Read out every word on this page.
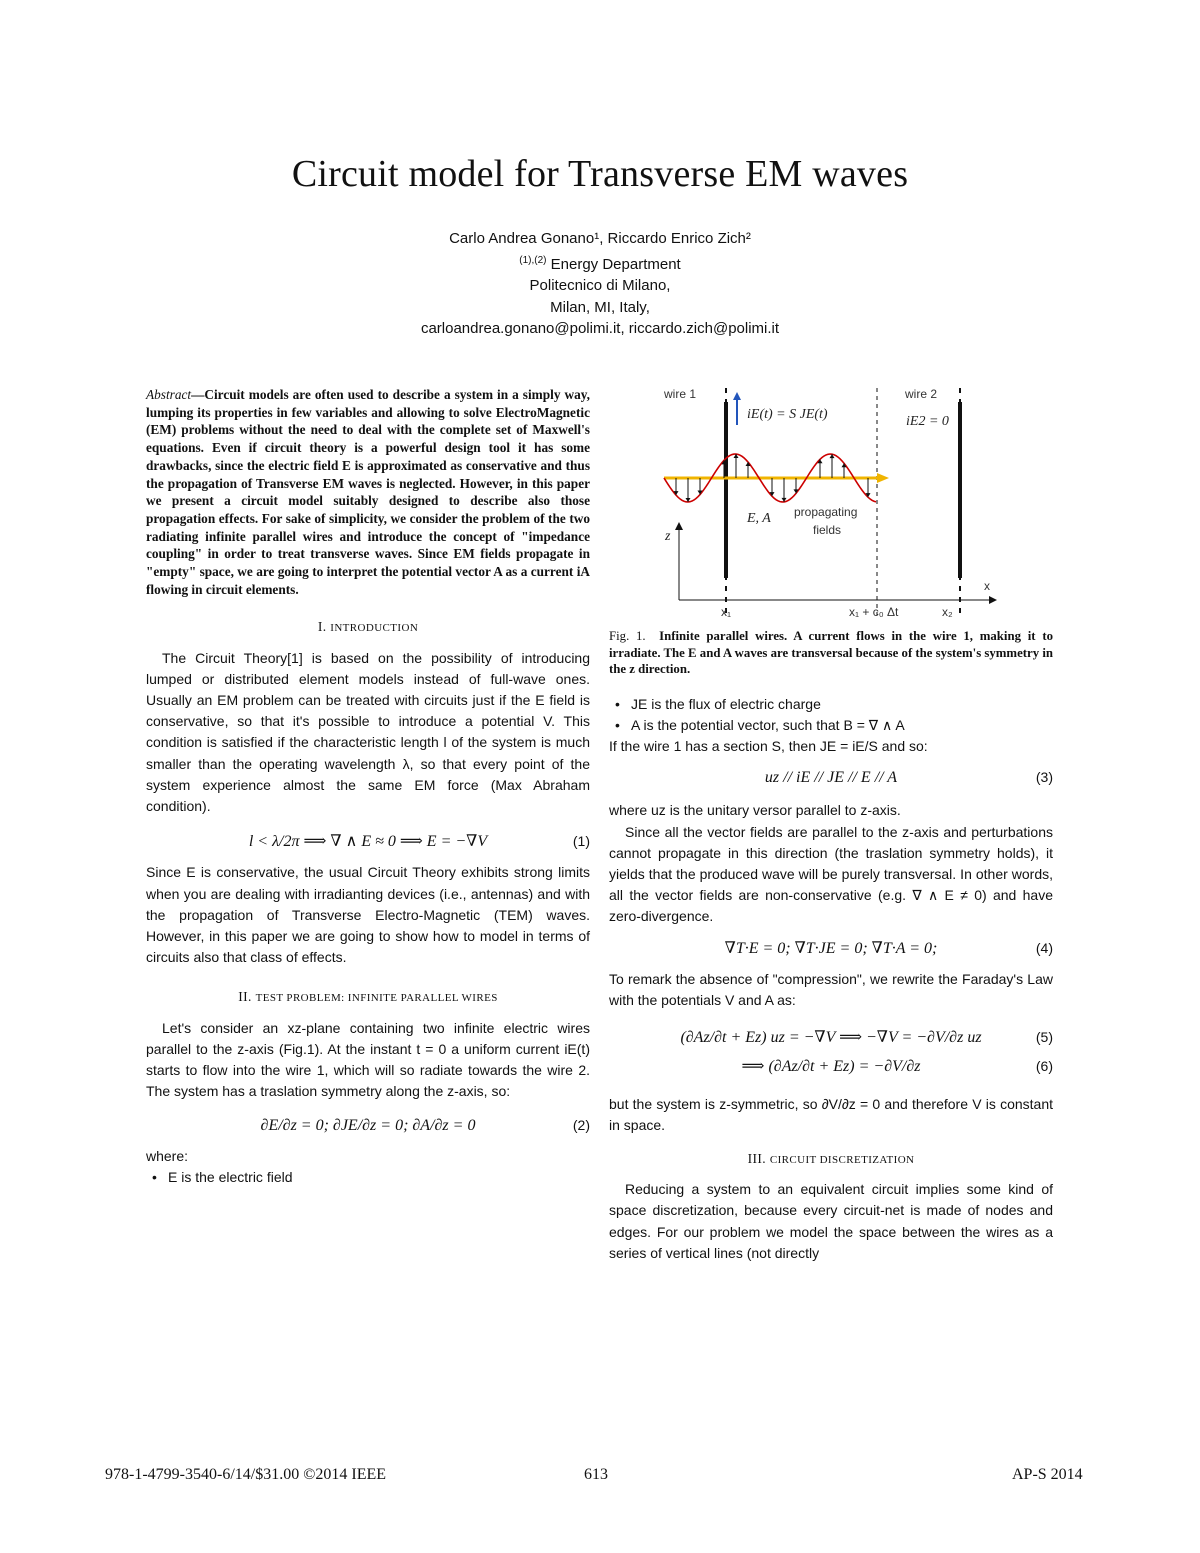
Circuit model for Transverse EM waves
Carlo Andrea Gonano¹, Riccardo Enrico Zich²
$^{(1),(2)}$ Energy Department
Politecnico di Milano,
Milan, MI, Italy,
carloandrea.gonano@polimi.it, riccardo.zich@polimi.it

Abstract—Circuit models are often used to describe a system in a simply way, lumping its properties in few variables and allowing to solve ElectroMagnetic (EM) problems without the need to deal with the complete set of Maxwell's equations. Even if circuit theory is a powerful design tool it has some drawbacks, since the electric field E is approximated as conservative and thus the propagation of Transverse EM waves is neglected. However, in this paper we present a circuit model suitably designed to describe also those propagation effects. For sake of simplicity, we consider the problem of the two radiating infinite parallel wires and introduce the concept of "impedance coupling" in order to treat transverse waves. Since EM fields propagate in "empty" space, we are going to interpret the potential vector A as a current iA flowing in circuit elements.

I. INTRODUCTION

The Circuit Theory[1] is based on the possibility of introducing lumped or distributed element models instead of full-wave ones. Usually an EM problem can be treated with circuits just if the E field is conservative, so that it's possible to introduce a potential V. This condition is satisfied if the characteristic length l of the system is much smaller than the operating wavelength λ, so that every point of the system experience almost the same EM force (Max Abraham condition).

l < λ/2π ⟹ ∇ ∧ E ≈ 0 ⟹ E = −∇V	(1)

Since E is conservative, the usual Circuit Theory exhibits strong limits when you are dealing with irradianting devices (i.e., antennas) and with the propagation of Transverse Electro-Magnetic (TEM) waves. However, in this paper we are going to show how to model in terms of circuits also that class of effects.

II. TEST PROBLEM: INFINITE PARALLEL WIRES

Let's consider an xz-plane containing two infinite electric wires parallel to the z-axis (Fig.1). At the instant t = 0 a uniform current iE(t) starts to flow into the wire 1, which will so radiate towards the wire 2. The system has a traslation symmetry along the z-axis, so:

∂E/∂z = 0; ∂JE/∂z = 0; ∂A/∂z = 0	(2)

where:

• E is the electric field
wire 1	wire 2
iE(t) = S JE(t)	iE2 = 0
E, A propagating
fields
z
x
x₁	x₁ + c₀ Δt	x₂

Fig. 1. Infinite parallel wires. A current flows in the wire 1, making it to irradiate. The E and A waves are transversal because of the system's symmetry in the z direction.

• JE is the flux of electric charge
• A is the potential vector, such that B = ∇ ∧ A

If the wire 1 has a section S, then JE = iE/S and so:

uz // iE // JE // E // A	(3)

where uz is the unitary versor parallel to z-axis.

Since all the vector fields are parallel to the z-axis and perturbations cannot propagate in this direction (the traslation symmetry holds), it yields that the produced wave will be purely transversal. In other words, all the vector fields are non-conservative (e.g. ∇ ∧ E ≠ 0) and have zero-divergence.

∇T·E = 0; ∇T·JE = 0; ∇T·A = 0;	(4)

To remark the absence of "compression", we rewrite the Faraday's Law with the potentials V and A as:

(∂Az/∂t + Ez) uz = −∇V ⟹ −∇V = −∂V/∂z uz	(5)
⟹ (∂Az/∂t + Ez) = −∂V/∂z	(6)

but the system is z-symmetric, so ∂V/∂z = 0 and therefore V is constant in space.

III. CIRCUIT DISCRETIZATION

Reducing a system to an equivalent circuit implies some kind of space discretization, because every circuit-net is made of nodes and edges. For our problem we model the space between the wires as a series of vertical lines (not directly

978-1-4799-3540-6/14/$31.00 ©2014 IEEE	613	AP-S 2014
